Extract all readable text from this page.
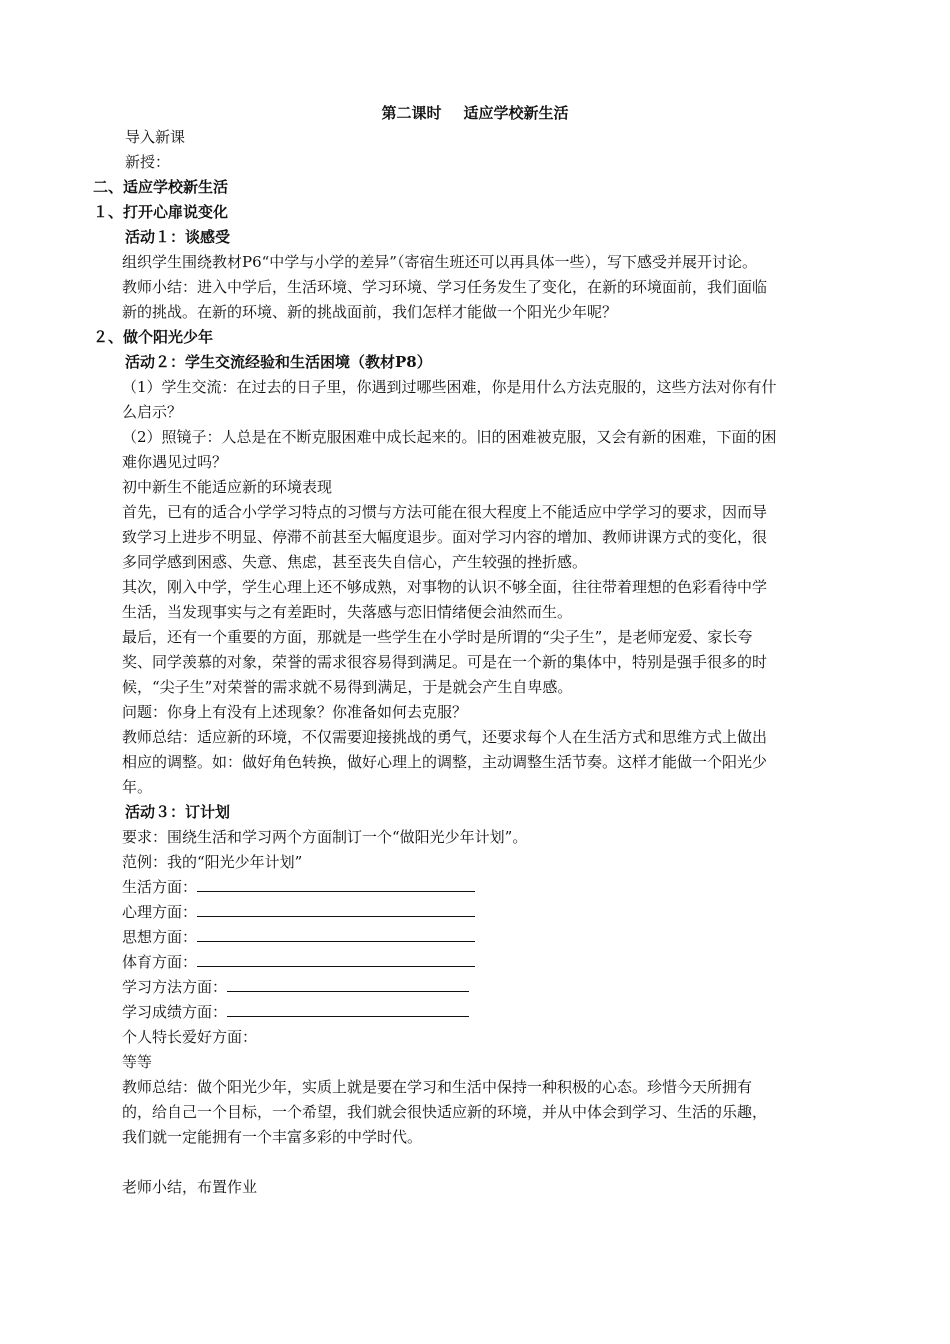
第二课时 适应学校新生活
导入新课
新授：
二、适应学校新生活
１、打开心扉说变化
活动１：谈感受
组织学生围绕教材P6“中学与小学的差异”（寄宿生班还可以再具体一些），写下感受并展开讨论。
教师小结：进入中学后，生活环境、学习环境、学习任务发生了变化，在新的环境面前，我们面临
新的挑战。在新的环境、新的挑战面前，我们怎样才能做一个阳光少年呢？
２、做个阳光少年
活动２：学生交流经验和生活困境（教材P8）
（1）学生交流：在过去的日子里，你遇到过哪些困难，你是用什么方法克服的，这些方法对你有什
么启示？
（2）照镜子：人总是在不断克服困难中成长起来的。旧的困难被克服，又会有新的困难，下面的困
难你遇见过吗？
初中新生不能适应新的环境表现
首先，已有的适合小学学习特点的习惯与方法可能在很大程度上不能适应中学学习的要求，因而导
致学习上进步不明显、停滞不前甚至大幅度退步。面对学习内容的增加、教师讲课方式的变化，很
多同学感到困惑、失意、焦虑，甚至丧失自信心，产生较强的挫折感。
其次，刚入中学，学生心理上还不够成熟，对事物的认识不够全面，往往带着理想的色彩看待中学
生活，当发现事实与之有差距时，失落感与恋旧情绪便会油然而生。
最后，还有一个重要的方面，那就是一些学生在小学时是所谓的“尖子生”，是老师宠爱、家长夸
奖、同学羡慕的对象，荣誉的需求很容易得到满足。可是在一个新的集体中，特别是强手很多的时
候，“尖子生”对荣誉的需求就不易得到满足，于是就会产生自卑感。
问题：你身上有没有上述现象？你准备如何去克服？
教师总结：适应新的环境，不仅需要迎接挑战的勇气，还要求每个人在生活方式和思维方式上做出
相应的调整。如：做好角色转换，做好心理上的调整，主动调整生活节奏。这样才能做一个阳光少
年。
活动３：订计划
要求：围绕生活和学习两个方面制订一个“做阳光少年计划”。
范例：我的“阳光少年计划”
生活方面：
心理方面：
思想方面：
体育方面：
学习方法方面：
学习成绩方面：
个人特长爱好方面：
等等
教师总结：做个阳光少年，实质上就是要在学习和生活中保持一种积极的心态。珍惜今天所拥有
的，给自己一个目标，一个希望，我们就会很快适应新的环境，并从中体会到学习、生活的乐趣，
我们就一定能拥有一个丰富多彩的中学时代。
老师小结，布置作业
